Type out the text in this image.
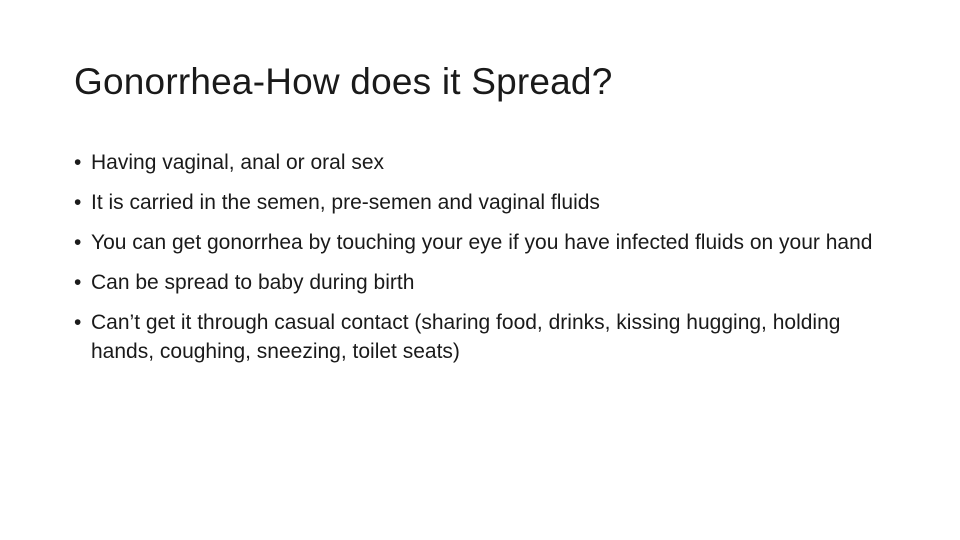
Gonorrhea-How does it Spread?
• Having vaginal, anal or oral sex
• It is carried in the semen, pre-semen and vaginal fluids
• You can get gonorrhea by touching your eye if you have infected fluids on your hand
• Can be spread to baby during birth
• Can’t get it through casual contact (sharing food, drinks, kissing hugging, holding hands, coughing, sneezing, toilet seats)
